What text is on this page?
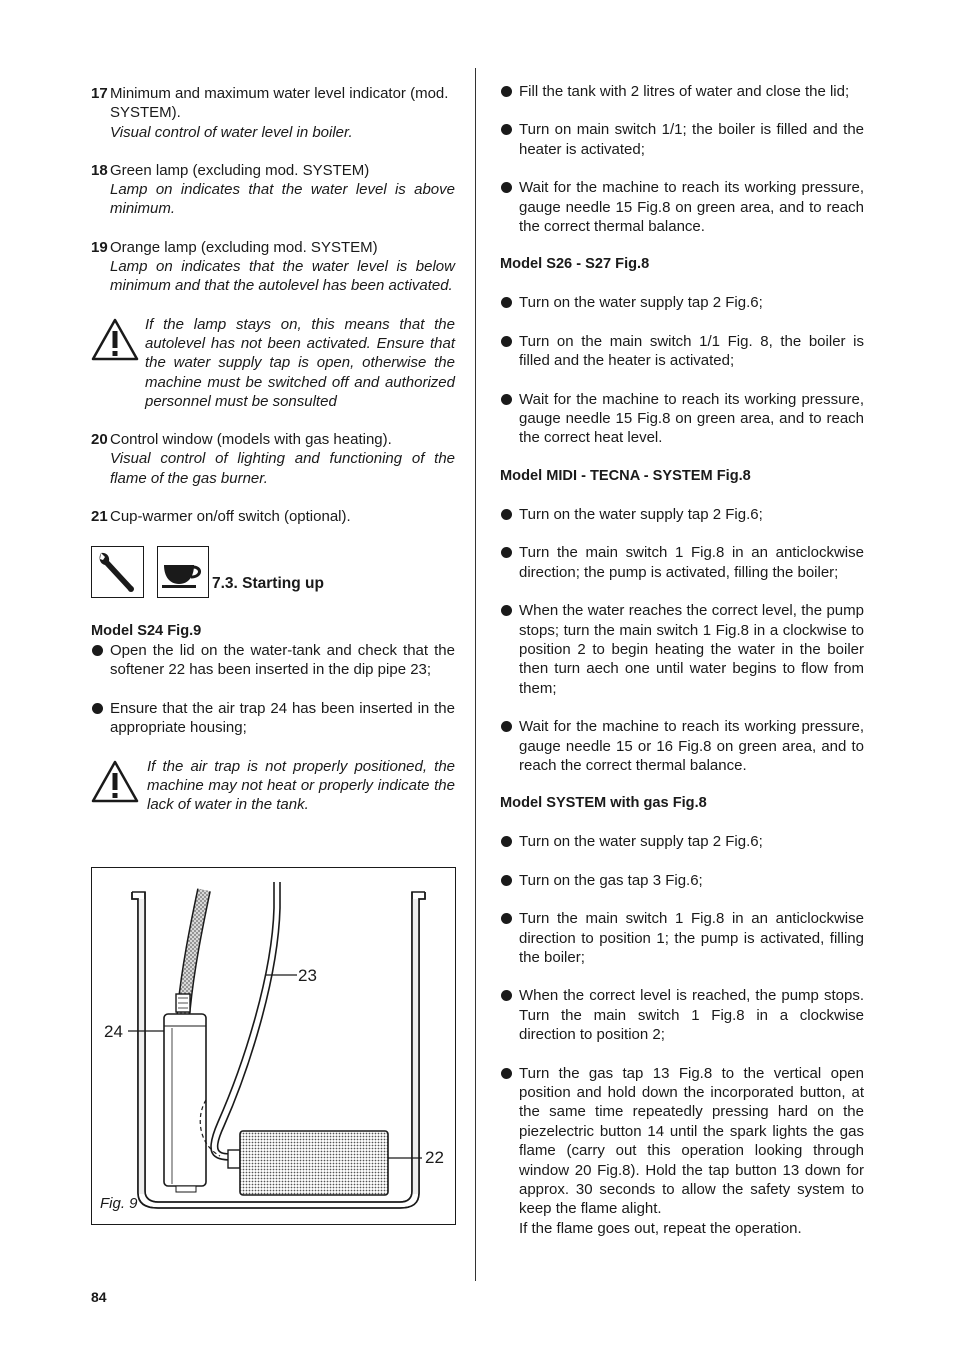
17 Minimum and maximum water level indicator (mod.
SYSTEM).
Visual control of water level in boiler.
18 Green lamp (excluding mod. SYSTEM)
Lamp on indicates that the water level is above minimum.
19 Orange lamp (excluding mod. SYSTEM)
Lamp on indicates that the water level is below minimum and that the autolevel has been activated.
If the lamp stays on, this means that the autolevel has not been activated. Ensure that the water supply tap is open, otherwise the machine must be switched off and authorized personnel must be sonsulted
20 Control window (models with gas heating).
Visual control of lighting and functioning of the flame of the gas burner.
21 Cup-warmer on/off switch (optional).
7.3. Starting up
Model S24 Fig.9
Open the lid on the water-tank and check that the softener 22 has been inserted in the dip pipe 23;
Ensure that the air trap 24 has been inserted in the appropriate housing;
If the air trap is not properly positioned, the machine may not heat or properly indicate the lack of water in the tank.
23
24
22
Fig. 9
Fill the tank with 2 litres of water and close the lid;
Turn on main switch 1/1; the boiler is filled and the heater is activated;
Wait for the machine to reach its working pressure, gauge needle 15 Fig.8 on green area, and to reach the correct thermal balance.
Model S26 - S27 Fig.8
Turn on the water supply tap 2 Fig.6;
Turn on the main switch 1/1 Fig. 8, the boiler is filled and the heater is activated;
Wait for the machine to reach its working pressure, gauge needle 15 Fig.8 on green area, and to reach the correct heat level.
Model MIDI - TECNA - SYSTEM Fig.8
Turn on the water supply tap 2 Fig.6;
Turn the main switch 1 Fig.8 in an anticlockwise direction; the pump is activated, filling the boiler;
When the water reaches the correct level, the pump stops; turn the main switch 1 Fig.8 in a clockwise to position 2 to begin heating the water in the boiler then turn aech one until water begins to flow from them;
Wait for the machine to reach its working pressure, gauge needle 15 or 16 Fig.8 on green area, and to reach the correct thermal balance.
Model SYSTEM with gas Fig.8
Turn on the water supply tap 2 Fig.6;
Turn on the gas tap 3 Fig.6;
Turn the main switch 1 Fig.8 in an anticlockwise direction to position 1; the pump is activated, filling the boiler;
When the correct level is reached, the pump stops. Turn the main switch 1 Fig.8 in a clockwise direction to position 2;
Turn the gas tap 13 Fig.8 to the vertical open position and hold down the incorporated button, at the same time repeatedly pressing hard on the piezelectric button 14 until the spark lights the gas flame (carry out this operation looking through window 20 Fig.8). Hold the tap button 13 down for approx. 30 seconds to allow the safety system to keep the flame alight.
If the flame goes out, repeat the operation.
84
